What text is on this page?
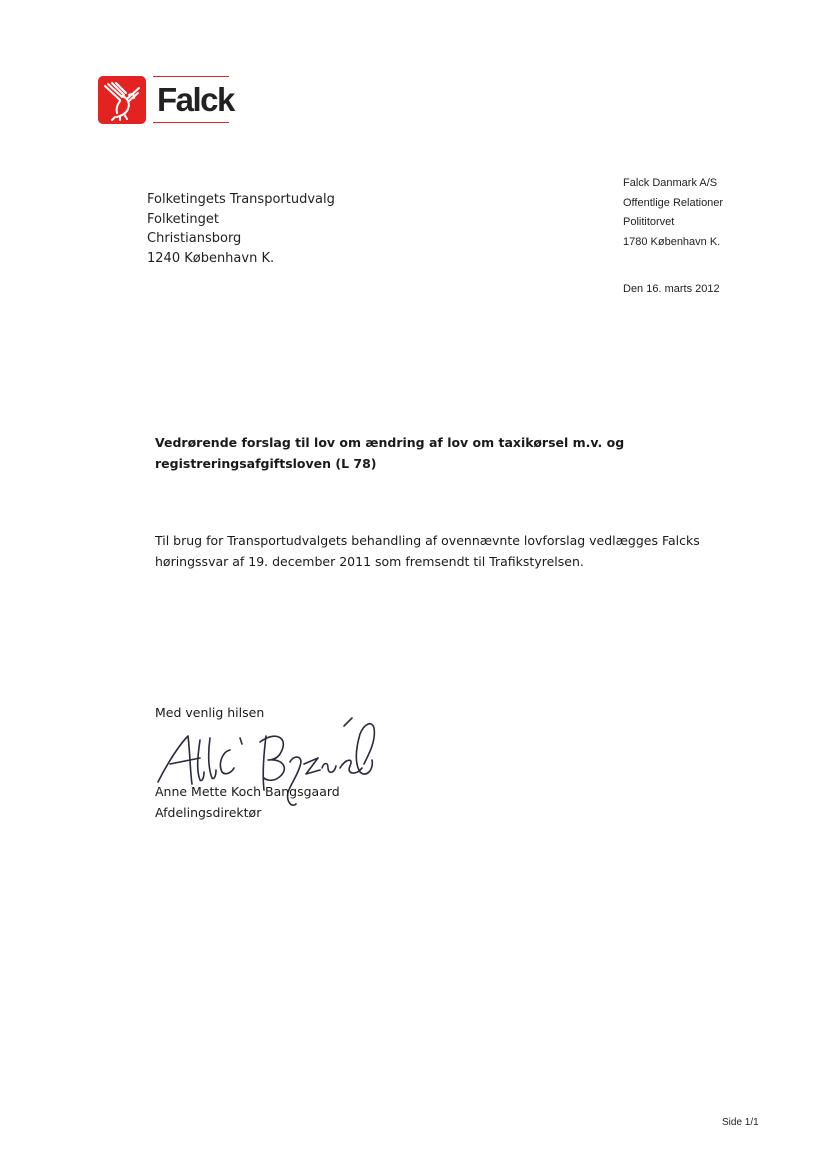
Falck
Folketingets Transportudvalg
Folketinget
Christiansborg
1240 København K.
Falck Danmark A/S
Offentlige Relationer
Polititorvet
1780 København K.
Den 16. marts 2012
Vedrørende forslag til lov om ændring af lov om taxikørsel m.v. og registreringsafgiftsloven (L 78)
Til brug for Transportudvalgets behandling af ovennævnte lovforslag vedlægges Falcks høringssvar af 19. december 2011 som fremsendt til Trafikstyrelsen.
Med venlig hilsen
Anne Mette Koch Bangsgaard
Afdelingsdirektør
Side 1/1
